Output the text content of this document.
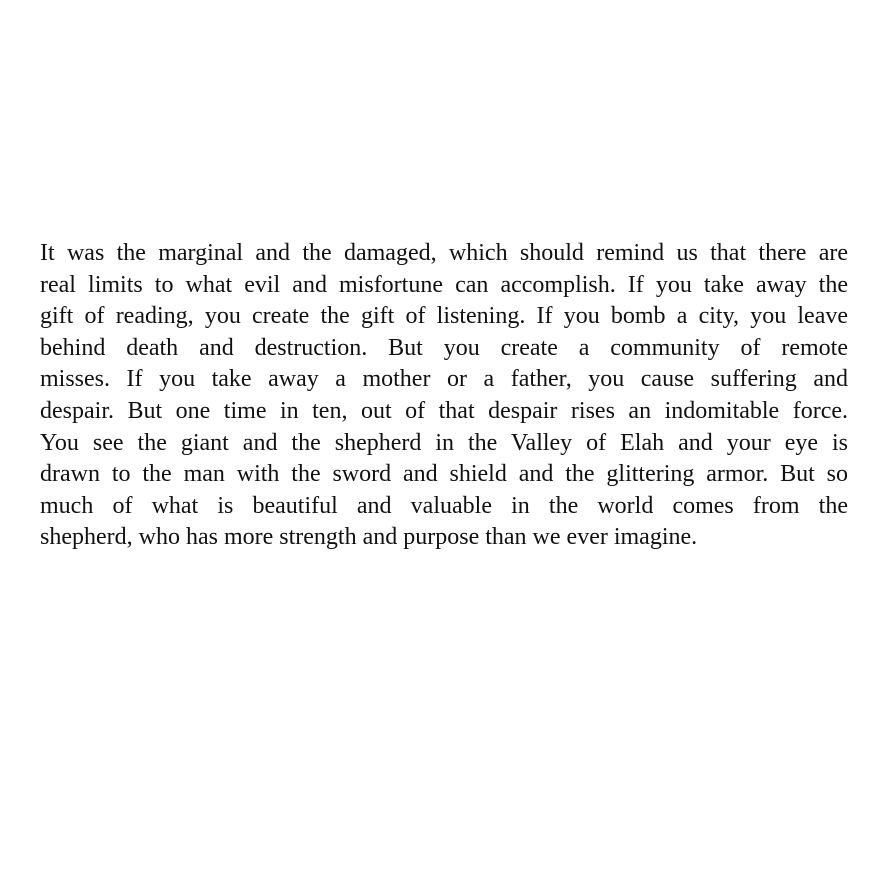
It was the marginal and the damaged, which should remind us that there are
real limits to what evil and misfortune can accomplish. If you take away the
gift of reading, you create the gift of listening. If you bomb a city, you leave
behind death and destruction. But you create a community of remote
misses. If you take away a mother or a father, you cause suffering and
despair. But one time in ten, out of that despair rises an indomitable force.
You see the giant and the shepherd in the Valley of Elah and your eye is
drawn to the man with the sword and shield and the glittering armor. But so
much of what is beautiful and valuable in the world comes from the
shepherd, who has more strength and purpose than we ever imagine.
